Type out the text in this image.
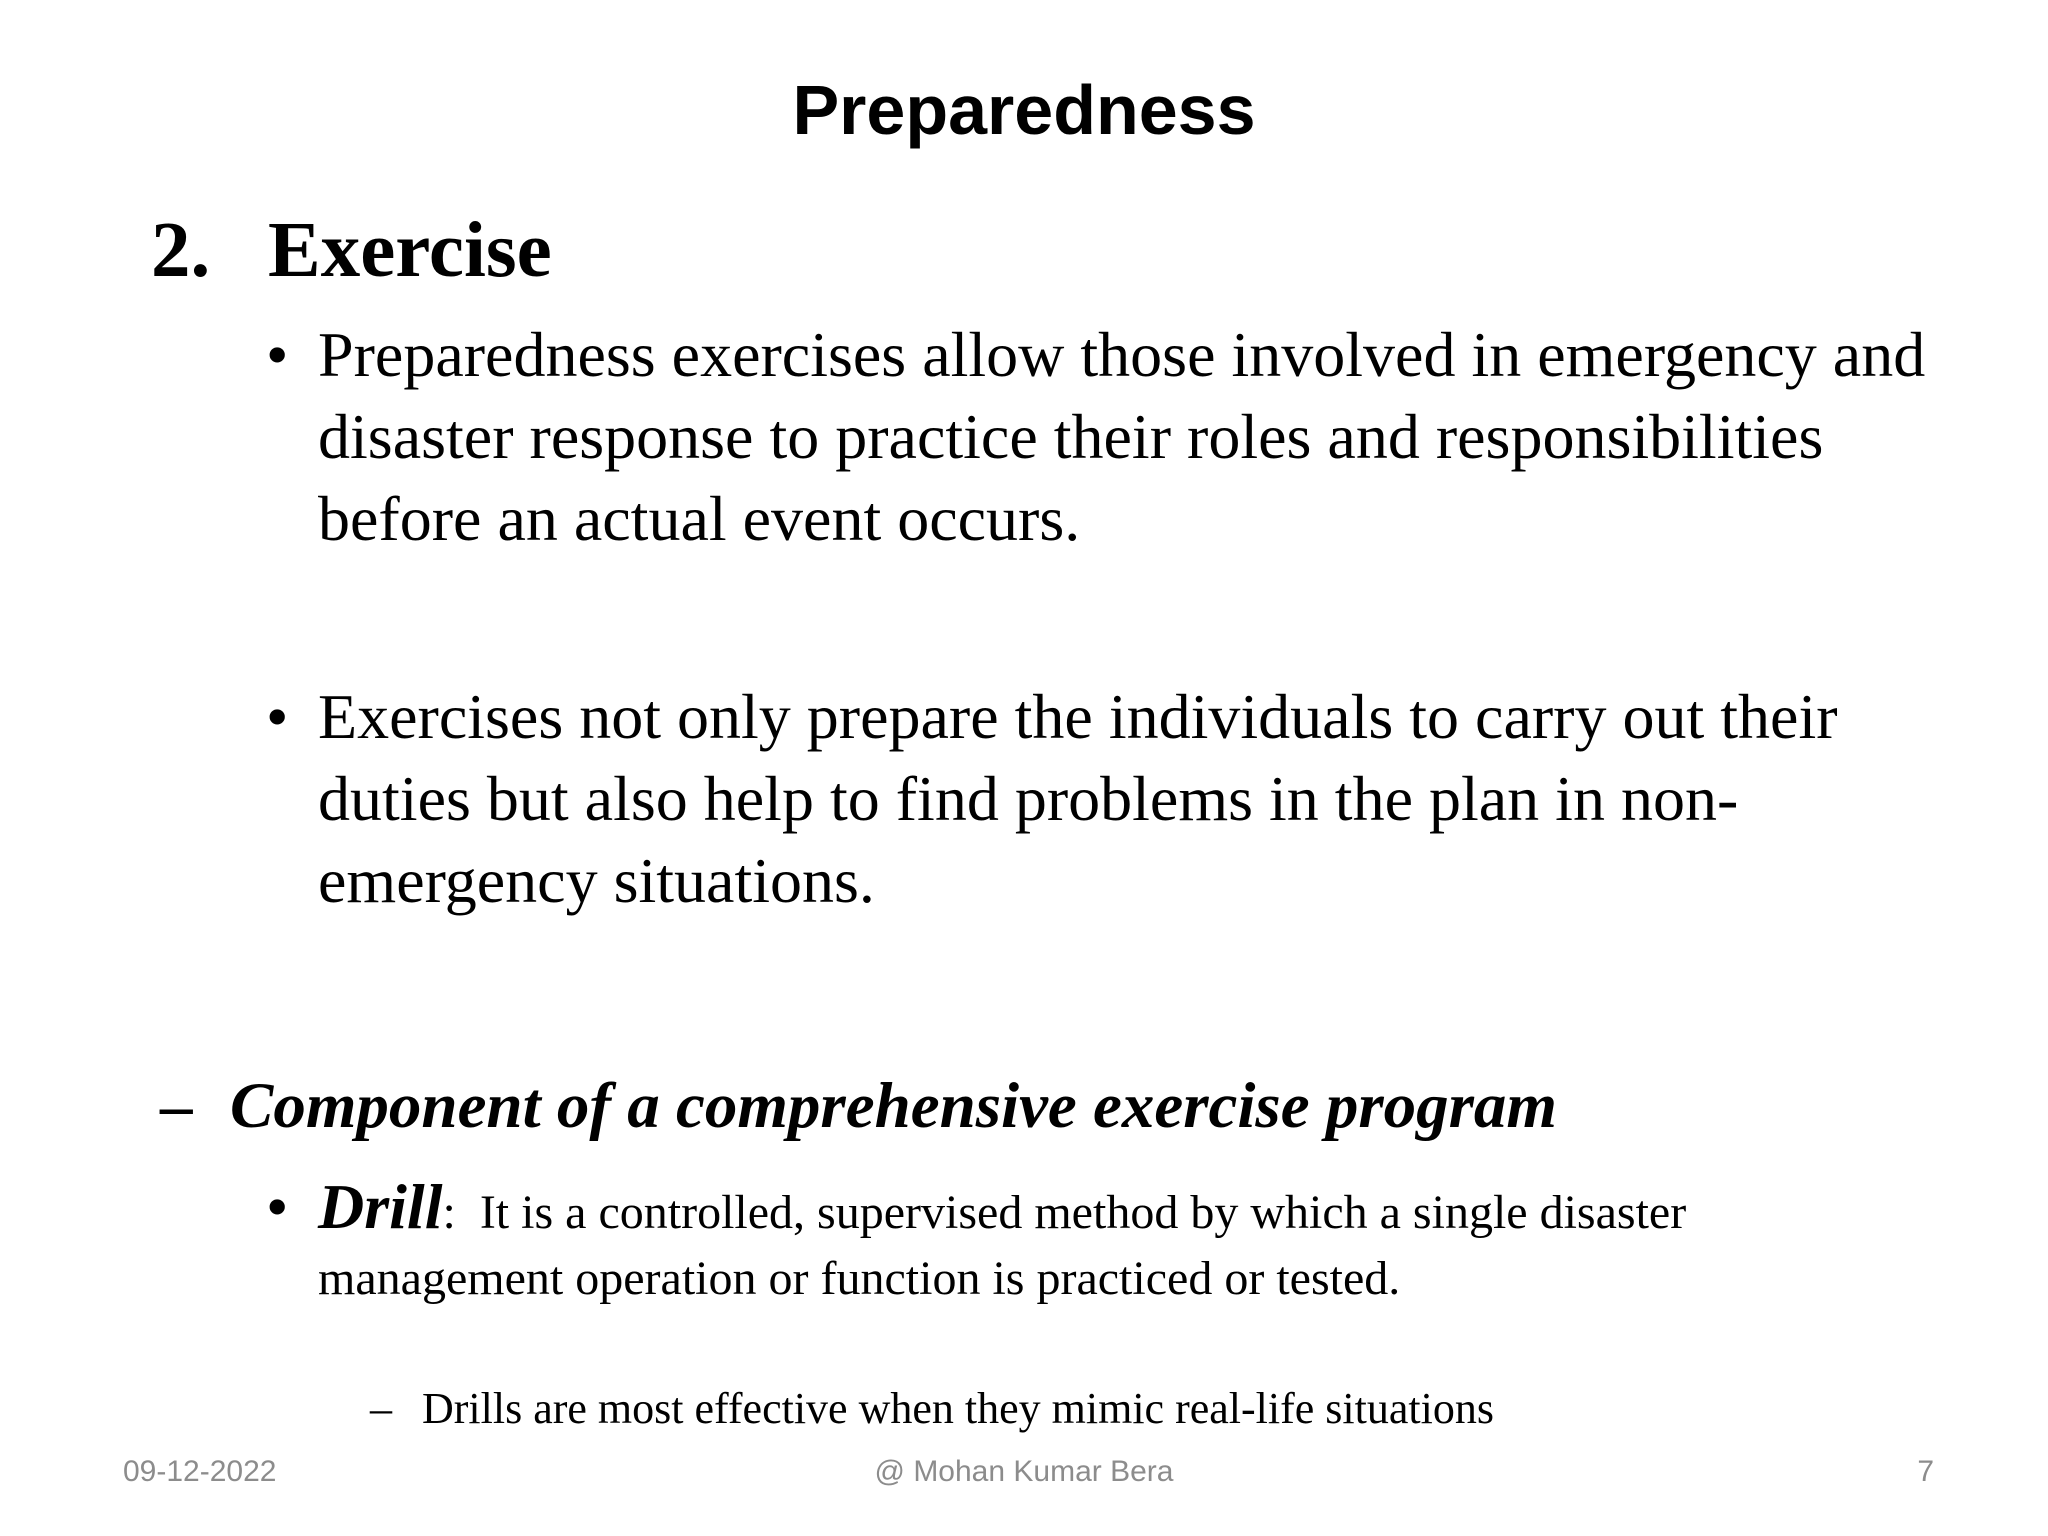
Preparedness
2. Exercise

• Preparedness exercises allow those involved in emergency and disaster response to practice their roles and responsibilities before an actual event occurs.

• Exercises not only prepare the individuals to carry out their duties but also help to find problems in the plan in non-emergency situations.

– Component of a comprehensive exercise program

• Drill: It is a controlled, supervised method by which a single disaster management operation or function is practiced or tested.

– Drills are most effective when they mimic real-life situations

09-12-2022	@ Mohan Kumar Bera	7
